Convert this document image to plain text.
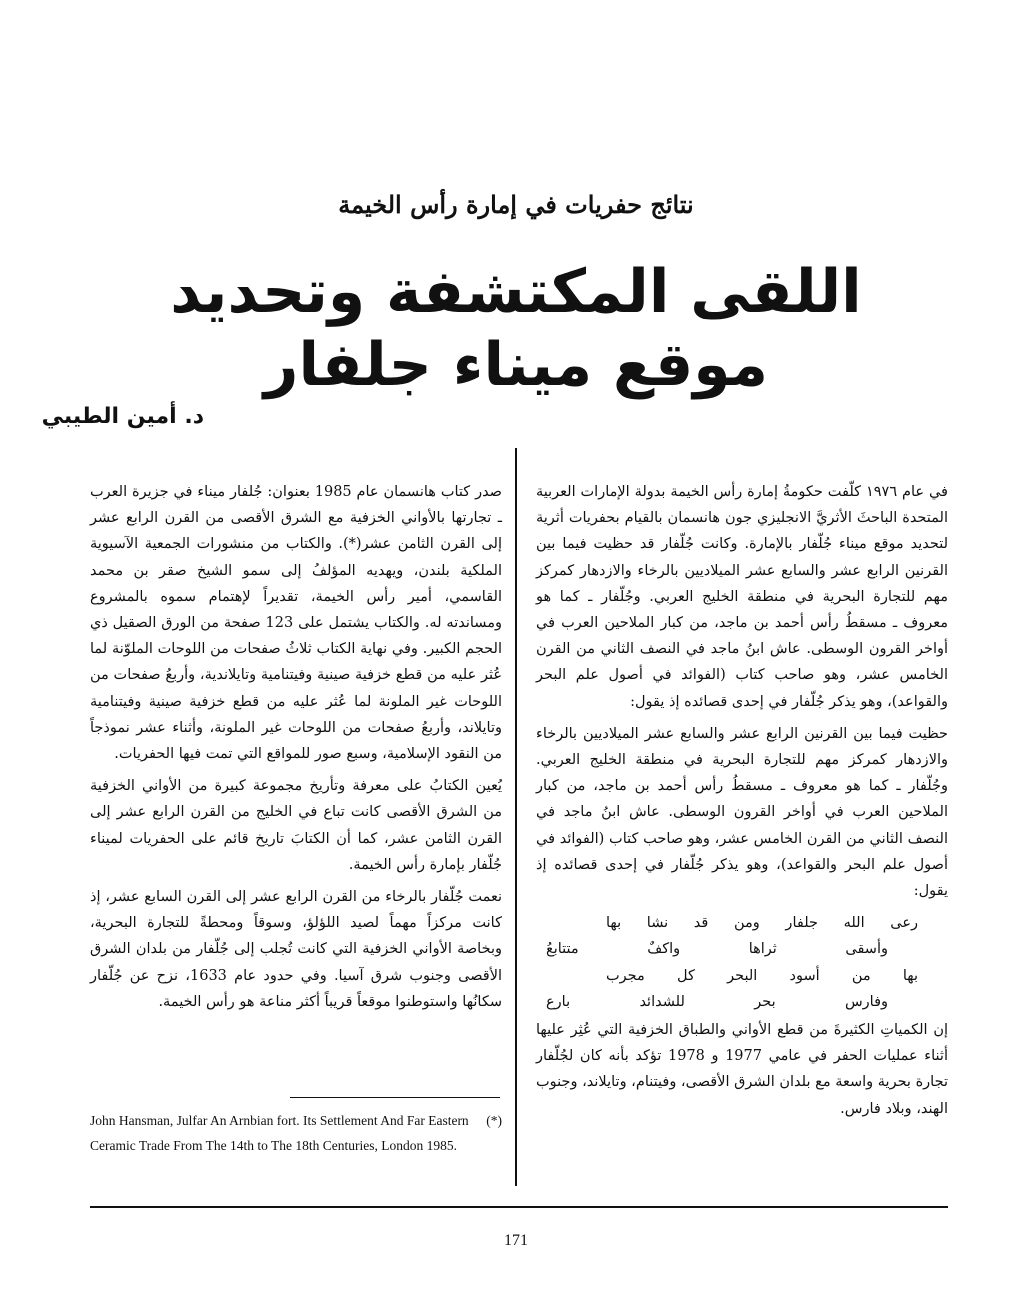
نتائج حفريات في إمارة رأس الخيمة
اللقى المكتشفة وتحديد
موقع ميناء جلفار
د. أمين الطيبي

في عام ١٩٧٦ كلّفت حكومةُ إمارة رأس الخيمة بدولة الإمارات العربية المتحدة الباحثَ الأثريَّ الانجليزي جون هانسمان بالقيام بحفريات أثرية لتحديد موقع ميناء جُلّفار بالإمارة. وكانت جُلّفار قد حظيت فيما بين القرنين الرابع عشر والسابع عشر الميلاديين بالرخاء والازدهار كمركز مهم للتجارة البحرية في منطقة الخليج العربي. وجُلّفار ـ كما هو معروف ـ مسقطُ رأس أحمد بن ماجد، من كبار الملاحين العرب في أواخر القرون الوسطى. عاش ابنُ ماجد في النصف الثاني من القرن الخامس عشر، وهو صاحب كتاب (الفوائد في أصول علم البحر والقواعد)، وهو يذكر جُلّفار في إحدى قصائده إذ يقول:

حظيت فيما بين القرنين الرابع عشر والسابع عشر الميلاديين بالرخاء والازدهار كمركز مهم للتجارة البحرية في منطقة الخليج العربي. وجُلّفار ـ كما هو معروف ـ مسقطُ رأس أحمد بن ماجد، من كبار الملاحين العرب في أواخر القرون الوسطى. عاش ابنُ ماجد في النصف الثاني من القرن الخامس عشر، وهو صاحب كتاب (الفوائد في أصول علم البحر والقواعد)، وهو يذكر جُلّفار في إحدى قصائده إذ يقول:

رعى الله جلفار ومن قد نشا بها
وأسقى ثراها واكفٌ متتابعُ
بها من أسود البحر كل مجرب
وفارس بحر للشدائد بارع

إن الكمياتِ الكثيرةَ من قطع الأواني والطباق الخزفية التي عُثِر عليها أثناء عمليات الحفر في عامي 1977 و 1978 تؤكد بأنه كان لجُلّفار تجارة بحرية واسعة مع بلدان الشرق الأقصى، وفيتنام، وتايلاند، وجنوب الهند، وبلاد فارس.

صدر كتاب هانسمان عام 1985 بعنوان: جُلفار ميناء في جزيرة العرب ـ تجارتها بالأواني الخزفية مع الشرق الأقصى من القرن الرابع عشر إلى القرن الثامن عشر(*). والكتاب من منشورات الجمعية الآسيوية الملكية بلندن، ويهديه المؤلفُ إلى سمو الشيخ صقر بن محمد القاسمي، أمير رأس الخيمة، تقديراً لإهتمام سموه بالمشروع ومساندته له. والكتاب يشتمل على 123 صفحة من الورق الصقيل ذي الحجم الكبير. وفي نهاية الكتاب ثلاثُ صفحات من اللوحات الملوّنة لما عُثر عليه من قطع خزفية صينية وفيتنامية وتايلاندية، وأربعُ صفحات من اللوحات غير الملونة لما عُثر عليه من قطع خزفية صينية وفيتنامية وتايلاند، وأربعُ صفحات من اللوحات غير الملونة، وأثناء عشر نموذجاً من النقود الإسلامية، وسبع صور للمواقع التي تمت فيها الحفريات.

يُعين الكتابُ على معرفة وتأريخ مجموعة كبيرة من الأواني الخزفية من الشرق الأقصى كانت تباع في الخليج من القرن الرابع عشر إلى القرن الثامن عشر، كما أن الكتابَ تاريخ قائم على الحفريات لميناء جُلّفار بإمارة رأس الخيمة.

نعمت جُلّفار بالرخاء من القرن الرابع عشر إلى القرن السابع عشر، إذ كانت مركزاً مهماً لصيد اللؤلؤ، وسوقاً ومحطةً للتجارة البحرية، وبخاصة الأواني الخزفية التي كانت تُجلب إلى جُلّفار من بلدان الشرق الأقصى وجنوب شرق آسيا. وفي حدود عام 1633، نزح عن جُلّفار سكانُها واستوطنوا موقعاً قريباً أكثر مناعة هو رأس الخيمة.

(*)
John Hansman, Julfar An Arnbian fort. Its Settlement And Far Eastern Ceramic Trade From The 14th to The 18th Centuries, London 1985.
171
